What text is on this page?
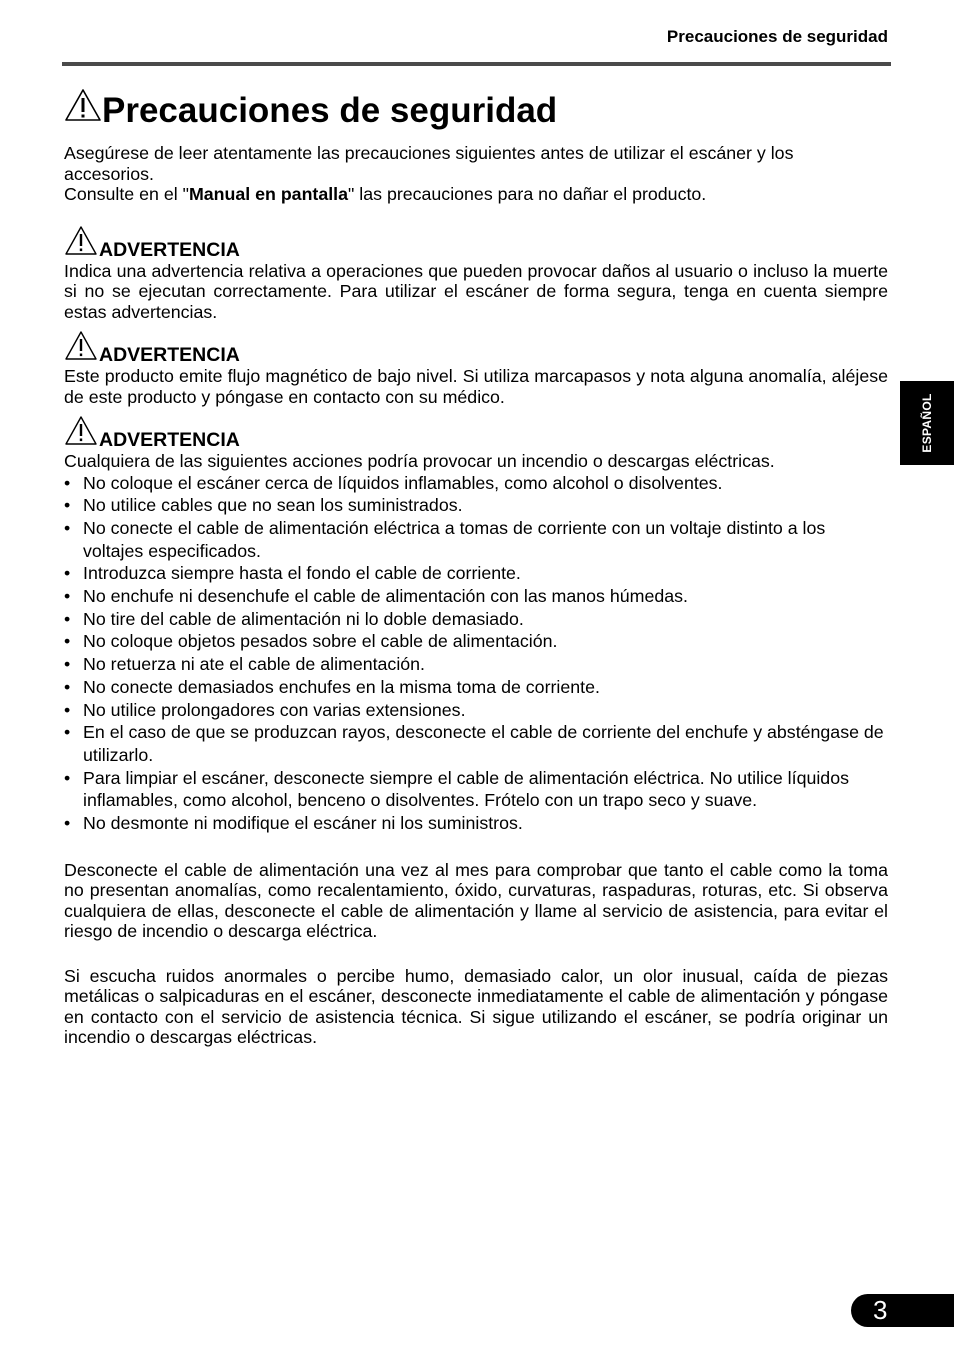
Precauciones de seguridad
Precauciones de seguridad

Asegúrese de leer atentamente las precauciones siguientes antes de utilizar el escáner y los accesorios.

Consulte en el "Manual en pantalla" las precauciones para no dañar el producto.

ADVERTENCIA

Indica una advertencia relativa a operaciones que pueden provocar daños al usuario o incluso la muerte si no se ejecutan correctamente. Para utilizar el escáner de forma segura, tenga en cuenta siempre estas advertencias.

ADVERTENCIA

Este producto emite flujo magnético de bajo nivel. Si utiliza marcapasos y nota alguna anomalía, aléjese de este producto y póngase en contacto con su médico.

ADVERTENCIA

Cualquiera de las siguientes acciones podría provocar un incendio o descargas eléctricas.

• No coloque el escáner cerca de líquidos inflamables, como alcohol o disolventes.
• No utilice cables que no sean los suministrados.
• No conecte el cable de alimentación eléctrica a tomas de corriente con un voltaje distinto a los voltajes especificados.
• Introduzca siempre hasta el fondo el cable de corriente.
• No enchufe ni desenchufe el cable de alimentación con las manos húmedas.
• No tire del cable de alimentación ni lo doble demasiado.
• No coloque objetos pesados sobre el cable de alimentación.
• No retuerza ni ate el cable de alimentación.
• No conecte demasiados enchufes en la misma toma de corriente.
• No utilice prolongadores con varias extensiones.
• En el caso de que se produzcan rayos, desconecte el cable de corriente del enchufe y absténgase de utilizarlo.
• Para limpiar el escáner, desconecte siempre el cable de alimentación eléctrica. No utilice líquidos inflamables, como alcohol, benceno o disolventes. Frótelo con un trapo seco y suave.
• No desmonte ni modifique el escáner ni los suministros.

Desconecte el cable de alimentación una vez al mes para comprobar que tanto el cable como la toma no presentan anomalías, como recalentamiento, óxido, curvaturas, raspaduras, roturas, etc. Si observa cualquiera de ellas, desconecte el cable de alimentación y llame al servicio de asistencia, para evitar el riesgo de incendio o descarga eléctrica.

Si escucha ruidos anormales o percibe humo, demasiado calor, un olor inusual, caída de piezas metálicas o salpicaduras en el escáner, desconecte inmediatamente el cable de alimentación y póngase en contacto con el servicio de asistencia técnica. Si sigue utilizando el escáner, se podría originar un incendio o descargas eléctricas.

ESPAÑOL
3
